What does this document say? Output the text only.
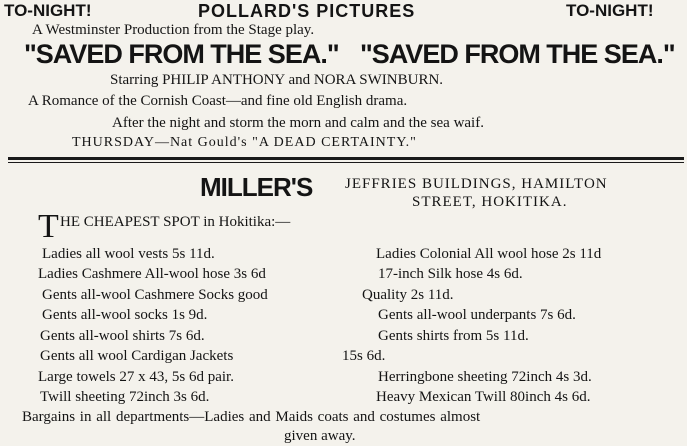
TO-NIGHT!	POLLARD'S PICTURES	TO-NIGHT!
A Westminster Production from the Stage play.
"SAVED FROM THE SEA." "SAVED FROM THE SEA."
Starring PHILIP ANTHONY and NORA SWINBURN.
A Romance of the Cornish Coast—and fine old English drama.
After the night and storm the morn and calm and the sea waif.
THURSDAY—Nat Gould's "A DEAD CERTAINTY."
MILLER'S JEFFRIES BUILDINGS, HAMILTON
STREET, HOKITIKA.
T HE CHEAPEST SPOT in Hokitika:—
Ladies all wool vests 5s 11d.
Ladies Cashmere All-wool hose 3s 6d
Gents all-wool Cashmere Socks good
Gents all-wool socks 1s 9d.
Gents all-wool shirts 7s 6d.
Gents all wool Cardigan Jackets
Large towels 27 x 43, 5s 6d pair.
Twill sheeting 72inch 3s 6d.
Ladies Colonial All wool hose 2s 11d
17-inch Silk hose 4s 6d.
Quality 2s 11d.
Gents all-wool underpants 7s 6d.
Gents shirts from 5s 11d.
15s 6d.
Herringbone sheeting 72inch 4s 3d.
Heavy Mexican Twill 80inch 4s 6d.
Bargains in all departments—Ladies and Maids coats and costumes almost
given away.
